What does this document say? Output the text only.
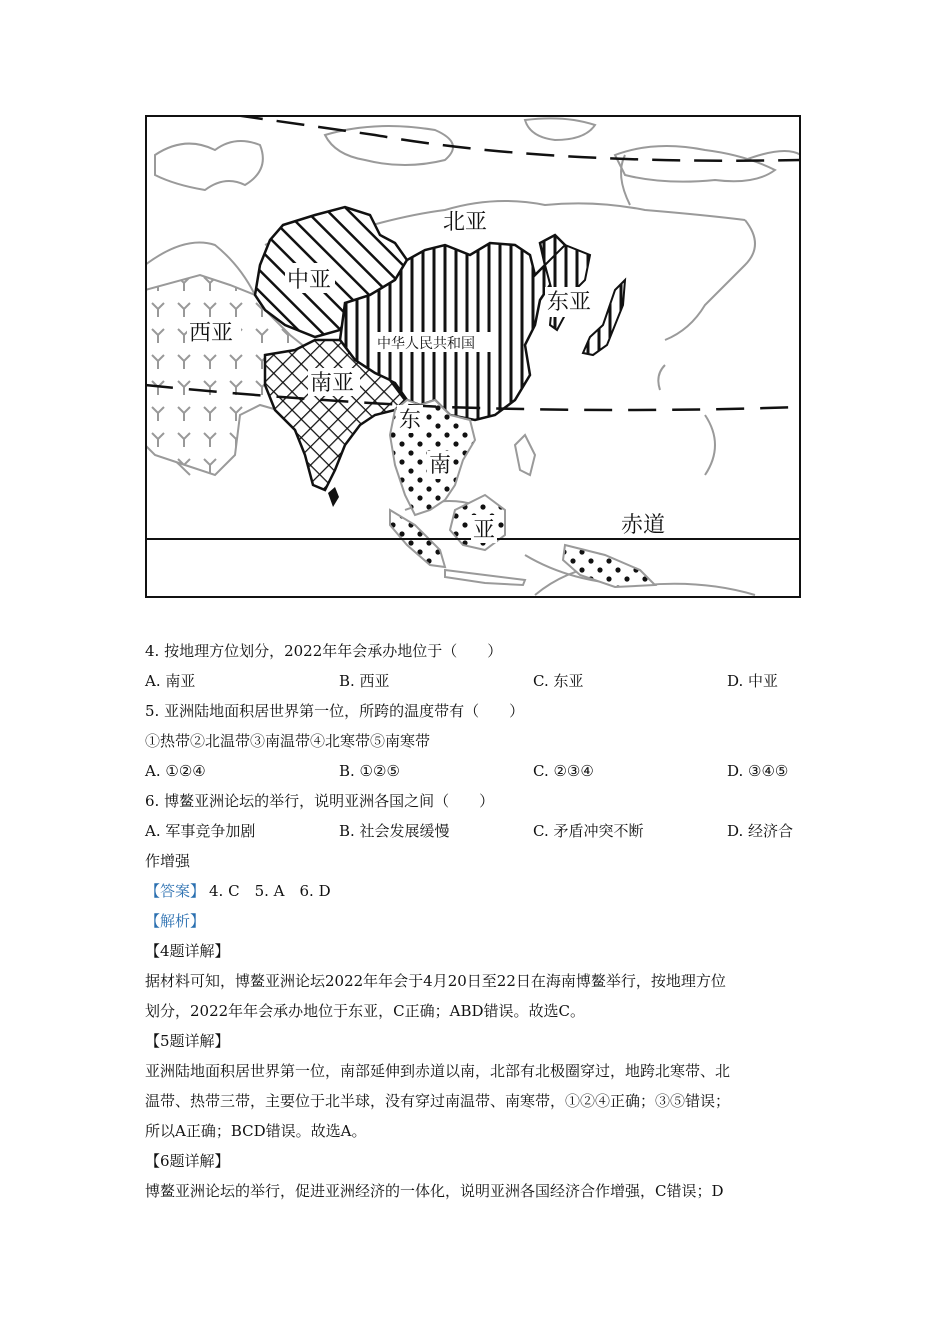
北亚
中亚
西亚	中华人民共和国
东亚
南亚
东
南
亚	赤道
4. 按地理方位划分，2022年年会承办地位于（　　）
A. 南亚	B. 西亚	C. 东亚	D. 中亚
5. 亚洲陆地面积居世界第一位，所跨的温度带有（　　）
①热带②北温带③南温带④北寒带⑤南寒带
A. ①②④	B. ①②⑤	C. ②③④	D. ③④⑤
6. 博鳌亚洲论坛的举行，说明亚洲各国之间（　　）
A. 军事竞争加剧	B. 社会发展缓慢	C. 矛盾冲突不断	D. 经济合
作增强
【答案】 4. C　5. A　6. D
【解析】
【4题详解】
据材料可知，博鳌亚洲论坛2022年年会于4月20日至22日在海南博鳌举行，按地理方位
划分，2022年年会承办地位于东亚，C正确；ABD错误。故选C。
【5题详解】
亚洲陆地面积居世界第一位，南部延伸到赤道以南，北部有北极圈穿过，地跨北寒带、北
温带、热带三带，主要位于北半球，没有穿过南温带、南寒带，①②④正确；③⑤错误；
所以A正确；BCD错误。故选A。
【6题详解】
博鳌亚洲论坛的举行，促进亚洲经济的一体化，说明亚洲各国经济合作增强，C错误；D
